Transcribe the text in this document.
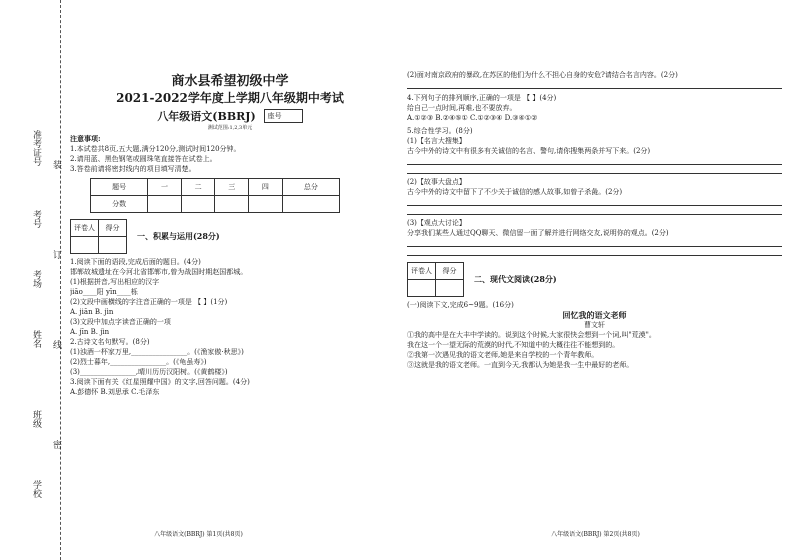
准考证号
考号
考场
姓名
班级
学校
装
订
线
密
商水县希望初级中学
2021-2022学年度上学期八年级期中考试
八年级语文(BBRJ)	座号
测试范围:1,2,3单元
注意事项:
1.本试卷共8页,五大题,满分120分,测试时间120分钟。
2.请用蓝、黑色钢笔或圆珠笔直接答在试卷上。
3.答卷前请将密封线内的项目填写清楚。
题号	一	二	三	四	总分
分数					
评卷人	得分

一、积累与运用(28分)
1.阅读下面的语段,完成后面的题目。(4分)
邯郸故城遗址在今河北省邯郸市,曾为战国时期赵国都城。
(1)根据拼音,写出相应的汉字
jiāo____阳 yīn____栎
(2)文段中画横线的字注音正确的一项是 【 】(1分)
A. jiān B. jìn
(3)文段中加点字读音正确的一项
A. jīn B. jìn
2.古诗文名句默写。(8分)
(1)浊酒一杯家万里,________________。(《渔家傲·秋思》)
(2)烈士暮年,________________。(《龟虽寿》)
(3)________________,晴川历历汉阳树。(《黄鹤楼》)
3.阅读下面有关《红星照耀中国》的文字,回答问题。(4分)
A.彭德怀 B.刘思承 C.毛泽东
八年级语文(BBRJ) 第1页(共8页)
(2)面对南京政府的暴政,在苏区的他们为什么不担心自身的安危?请结合名言内容。(2分)
4.下列句子的排列顺序,正确的一项是 【 】(4分)
给自己一点时间,再难,也不要放弃。
A.①②③ B.②④⑤① C.①②③④ D.③④①②
5.综合性学习。(8分)
(1)【名言大搜集】
古今中外的诗文中有很多有关诚信的名言、警句,请你搜集两条并写下来。(2分)
(2)【故事大盘点】
古今中外的诗文中留下了不少关于诚信的感人故事,如曾子杀彘。(2分)
(3)【观点大讨论】
分享我们某些人通过QQ聊天、微信留一面了解并进行网络交友,说明你的观点。(2分)
评卷人	得分

二、现代文阅读(28分)
(一)阅读下文,完成6~9题。(16分)
回忆我的语文老师
曹文轩
①我的高中是在大丰中学读的。说到这个时候,大家很快会想到一个词,叫"荒漠"。
我在这一个一望无际的荒漠的时代,不知道中的大概往往不能想到的。
②我第一次遇见我的语文老师,她是来自学校的一个青年教师。
③这就是我的语文老师。一直到今天,我都认为她是我一生中最好的老师。
八年级语文(BBRJ) 第2页(共8页)
